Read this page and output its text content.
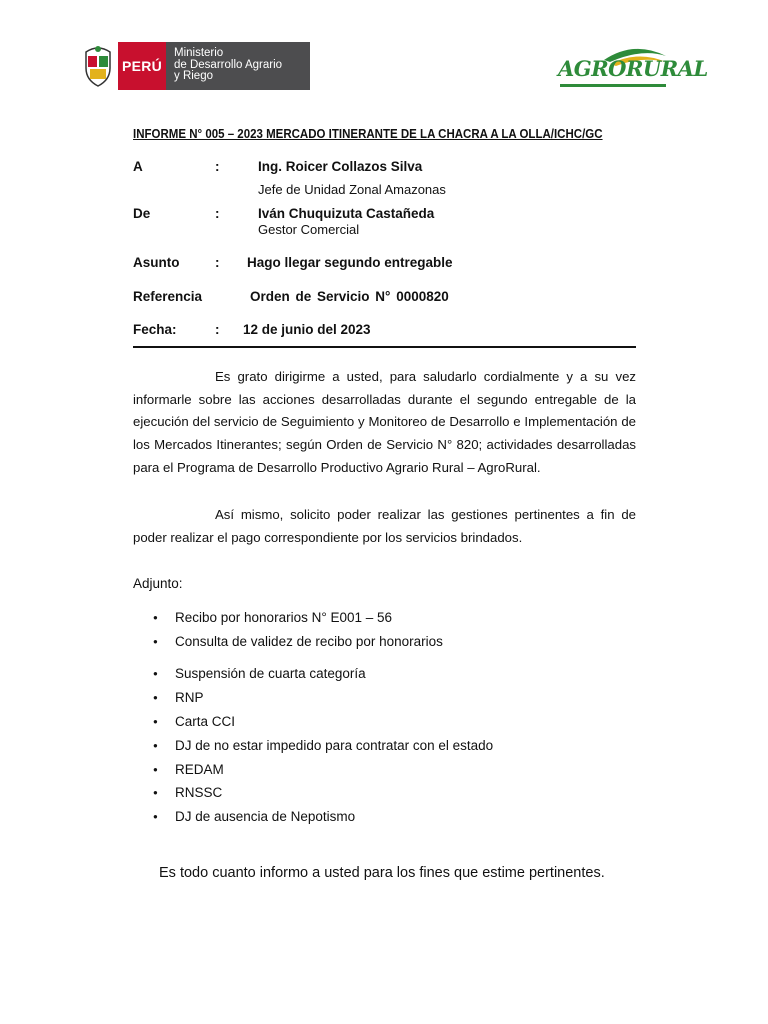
PERÚ
Ministerio
de Desarrollo Agrario
y Riego	AGRORURAL
INFORME N° 005 – 2023 MERCADO ITINERANTE DE LA CHACRA A LA OLLA/ICHC/GC
A	:	Ing. Roicer Collazos Silva
Jefe de Unidad Zonal Amazonas
De	:	Iván Chuquizuta Castañeda
Gestor Comercial
Asunto	: Hago llegar segundo entregable
Referencia	Orden de Servicio N° 0000820
Fecha:	: 12 de junio del 2023
Es grato dirigirme a usted, para saludarlo cordialmente y a su vez informarle sobre las acciones desarrolladas durante el segundo entregable de la ejecución del servicio de Seguimiento y Monitoreo de Desarrollo e Implementación de los Mercados Itinerantes; según Orden de Servicio N° 820; actividades desarrolladas para el Programa de Desarrollo Productivo Agrario Rural – AgroRural.
Así mismo, solicito poder realizar las gestiones pertinentes a fin de poder realizar el pago correspondiente por los servicios brindados.
Adjunto:
● Recibo por honorarios N° E001 – 56
● Consulta de validez de recibo por honorarios
● Suspensión de cuarta categoría
● RNP
● Carta CCI
● DJ de no estar impedido para contratar con el estado
● REDAM
● RNSSC
● DJ de ausencia de Nepotismo
Es todo cuanto informo a usted para los fines que estime pertinentes.
